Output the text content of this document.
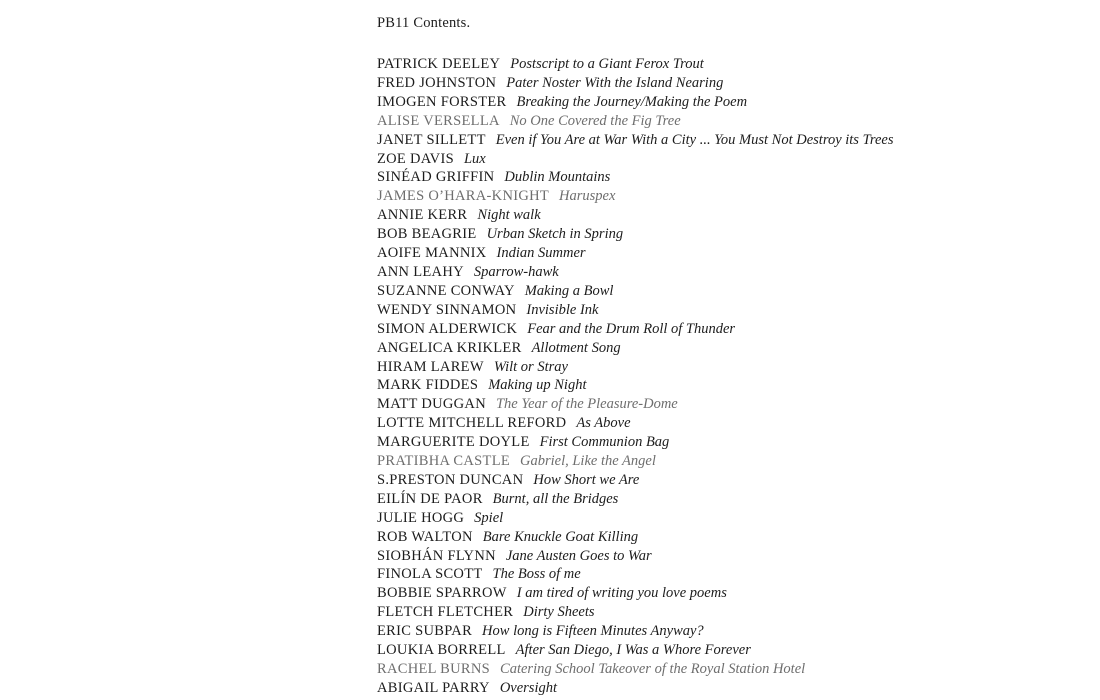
PB11 Contents.
PATRICK DEELEY Postscript to a Giant Ferox Trout
FRED JOHNSTON Pater Noster With the Island Nearing
IMOGEN FORSTER Breaking the Journey/Making the Poem
ALISE VERSELLA No One Covered the Fig Tree
JANET SILLETT Even if You Are at War With a City ... You Must Not Destroy its Trees
ZOE DAVIS Lux
SINÉAD GRIFFIN Dublin Mountains
JAMES O’HARA-KNIGHT Haruspex
ANNIE KERR Night walk
BOB BEAGRIE Urban Sketch in Spring
AOIFE MANNIX Indian Summer
ANN LEAHY Sparrow-hawk
SUZANNE CONWAY Making a Bowl
WENDY SINNAMON Invisible Ink
SIMON ALDERWICK Fear and the Drum Roll of Thunder
ANGELICA KRIKLER Allotment Song
HIRAM LAREW Wilt or Stray
MARK FIDDES Making up Night
MATT DUGGAN The Year of the Pleasure-Dome
LOTTE MITCHELL REFORD As Above
MARGUERITE DOYLE First Communion Bag
PRATIBHA CASTLE Gabriel, Like the Angel
S.PRESTON DUNCAN How Short we Are
EILÍN DE PAOR Burnt, all the Bridges
JULIE HOGG Spiel
ROB WALTON Bare Knuckle Goat Killing
SIOBHÁN FLYNN Jane Austen Goes to War
FINOLA SCOTT The Boss of me
BOBBIE SPARROW I am tired of writing you love poems
FLETCH FLETCHER Dirty Sheets
ERIC SUBPAR How long is Fifteen Minutes Anyway?
LOUKIA BORRELL After San Diego, I Was a Whore Forever
RACHEL BURNS Catering School Takeover of the Royal Station Hotel
ABIGAIL PARRY Oversight
